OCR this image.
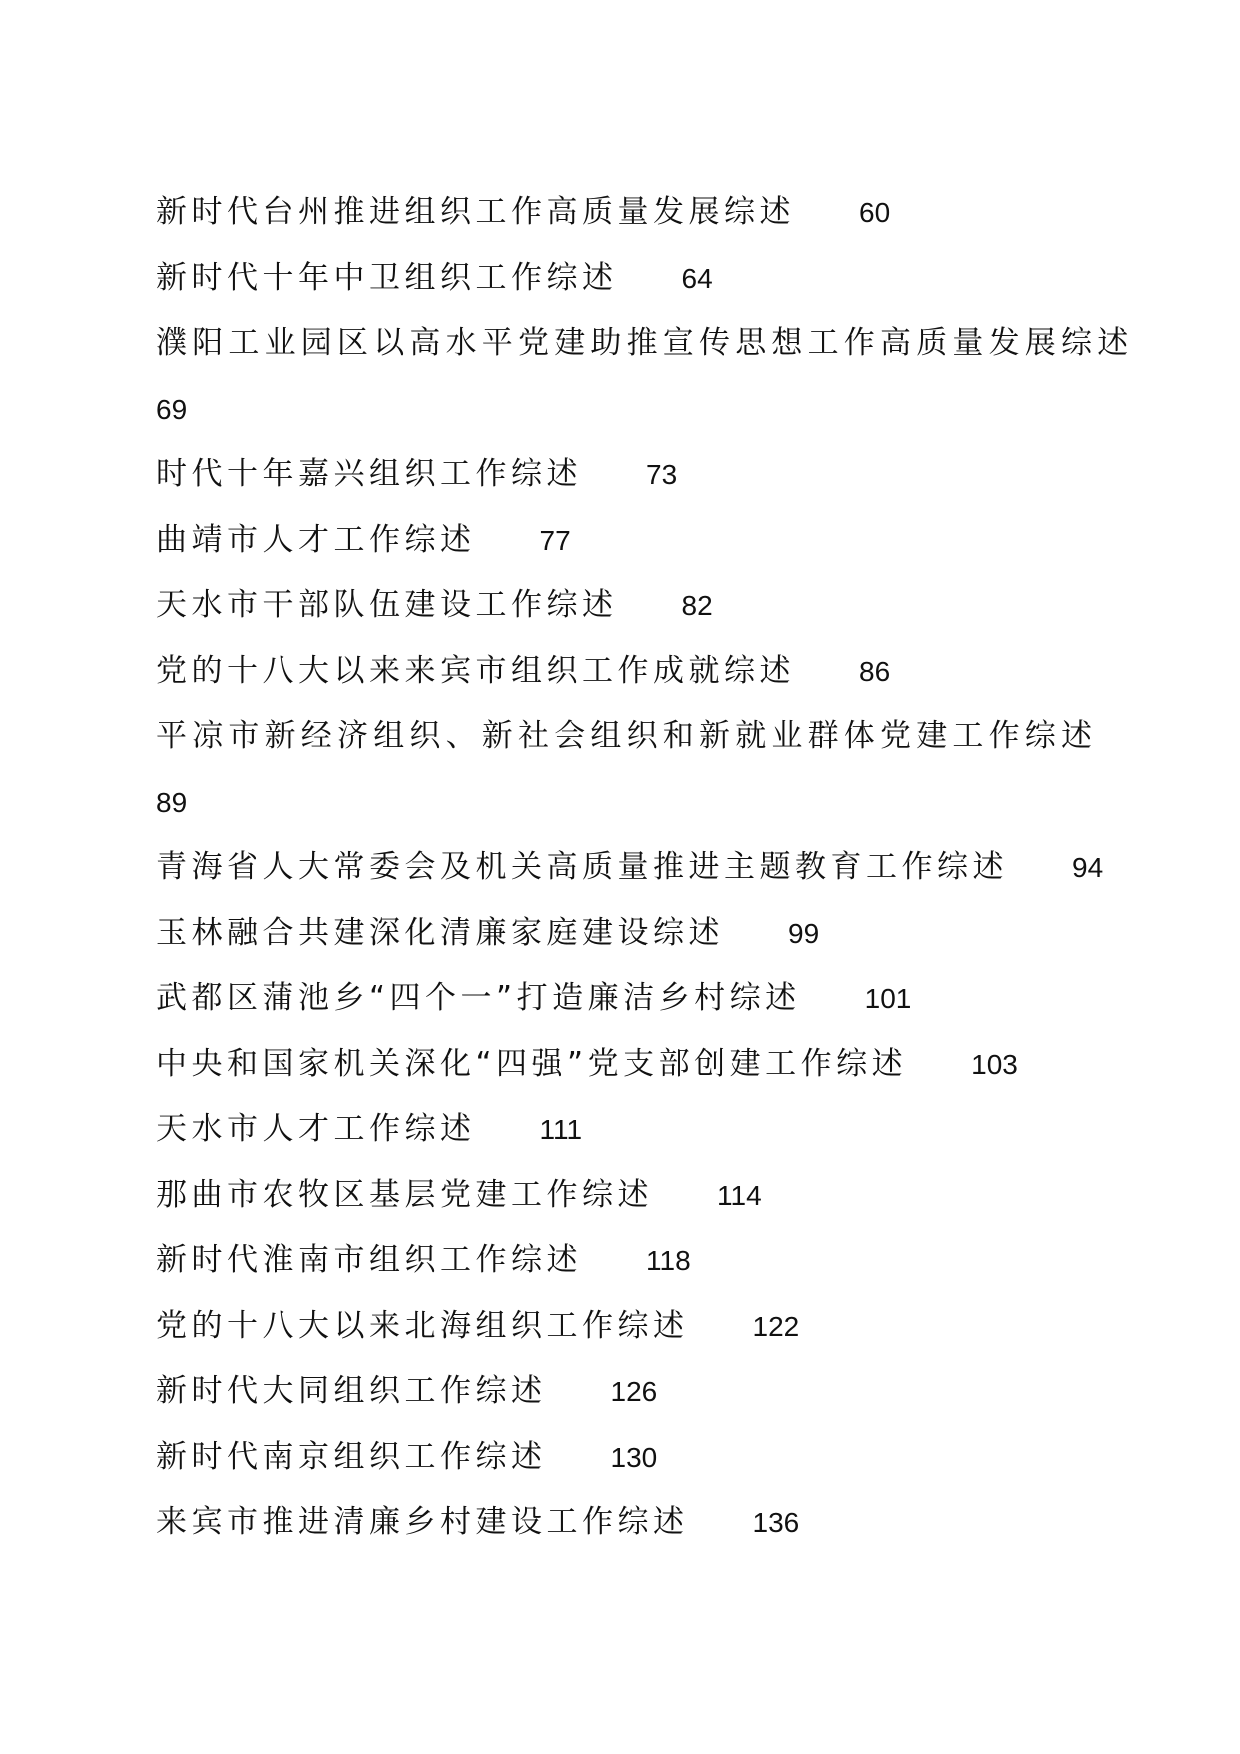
新时代台州推进组织工作高质量发展综述 60
新时代十年中卫组织工作综述 64
濮阳工业园区以高水平党建助推宣传思想工作高质量发展综述
69
时代十年嘉兴组织工作综述 73
曲靖市人才工作综述 77
天水市干部队伍建设工作综述 82
党的十八大以来来宾市组织工作成就综述 86
平凉市新经济组织、新社会组织和新就业群体党建工作综述
89
青海省人大常委会及机关高质量推进主题教育工作综述 94
玉林融合共建深化清廉家庭建设综述 99
武都区蒲池乡“四个一”打造廉洁乡村综述 101
中央和国家机关深化“四强”党支部创建工作综述 103
天水市人才工作综述 111
那曲市农牧区基层党建工作综述 114
新时代淮南市组织工作综述 118
党的十八大以来北海组织工作综述 122
新时代大同组织工作综述 126
新时代南京组织工作综述 130
来宾市推进清廉乡村建设工作综述 136
